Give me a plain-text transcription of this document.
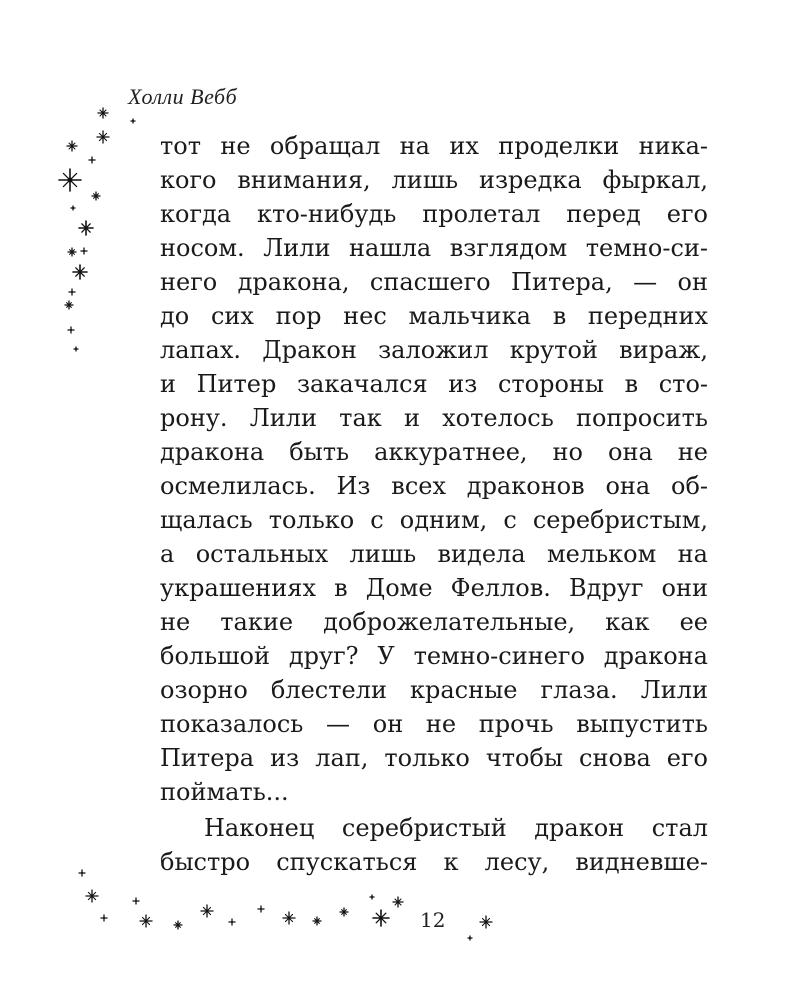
Холли Вебб
тот не обращал на их проделки ника-
кого внимания, лишь изредка фыркал,
когда кто-нибудь пролетал перед его
носом. Лили нашла взглядом темно-си-
него дракона, спасшего Питера, — он
до сих пор нес мальчика в передних
лапах. Дракон заложил крутой вираж,
и Питер закачался из стороны в сто-
рону. Лили так и хотелось попросить
дракона быть аккуратнее, но она не
осмелилась. Из всех драконов она об-
щалась только с одним, с серебристым,
а остальных лишь видела мельком на
украшениях в Доме Феллов. Вдруг они
не такие доброжелательные, как ее
большой друг? У темно-синего дракона
озорно блестели красные глаза. Лили
показалось — он не прочь выпустить
Питера из лап, только чтобы снова его
поймать...
Наконец серебристый дракон стал
быстро спускаться к лесу, видневше-
12
